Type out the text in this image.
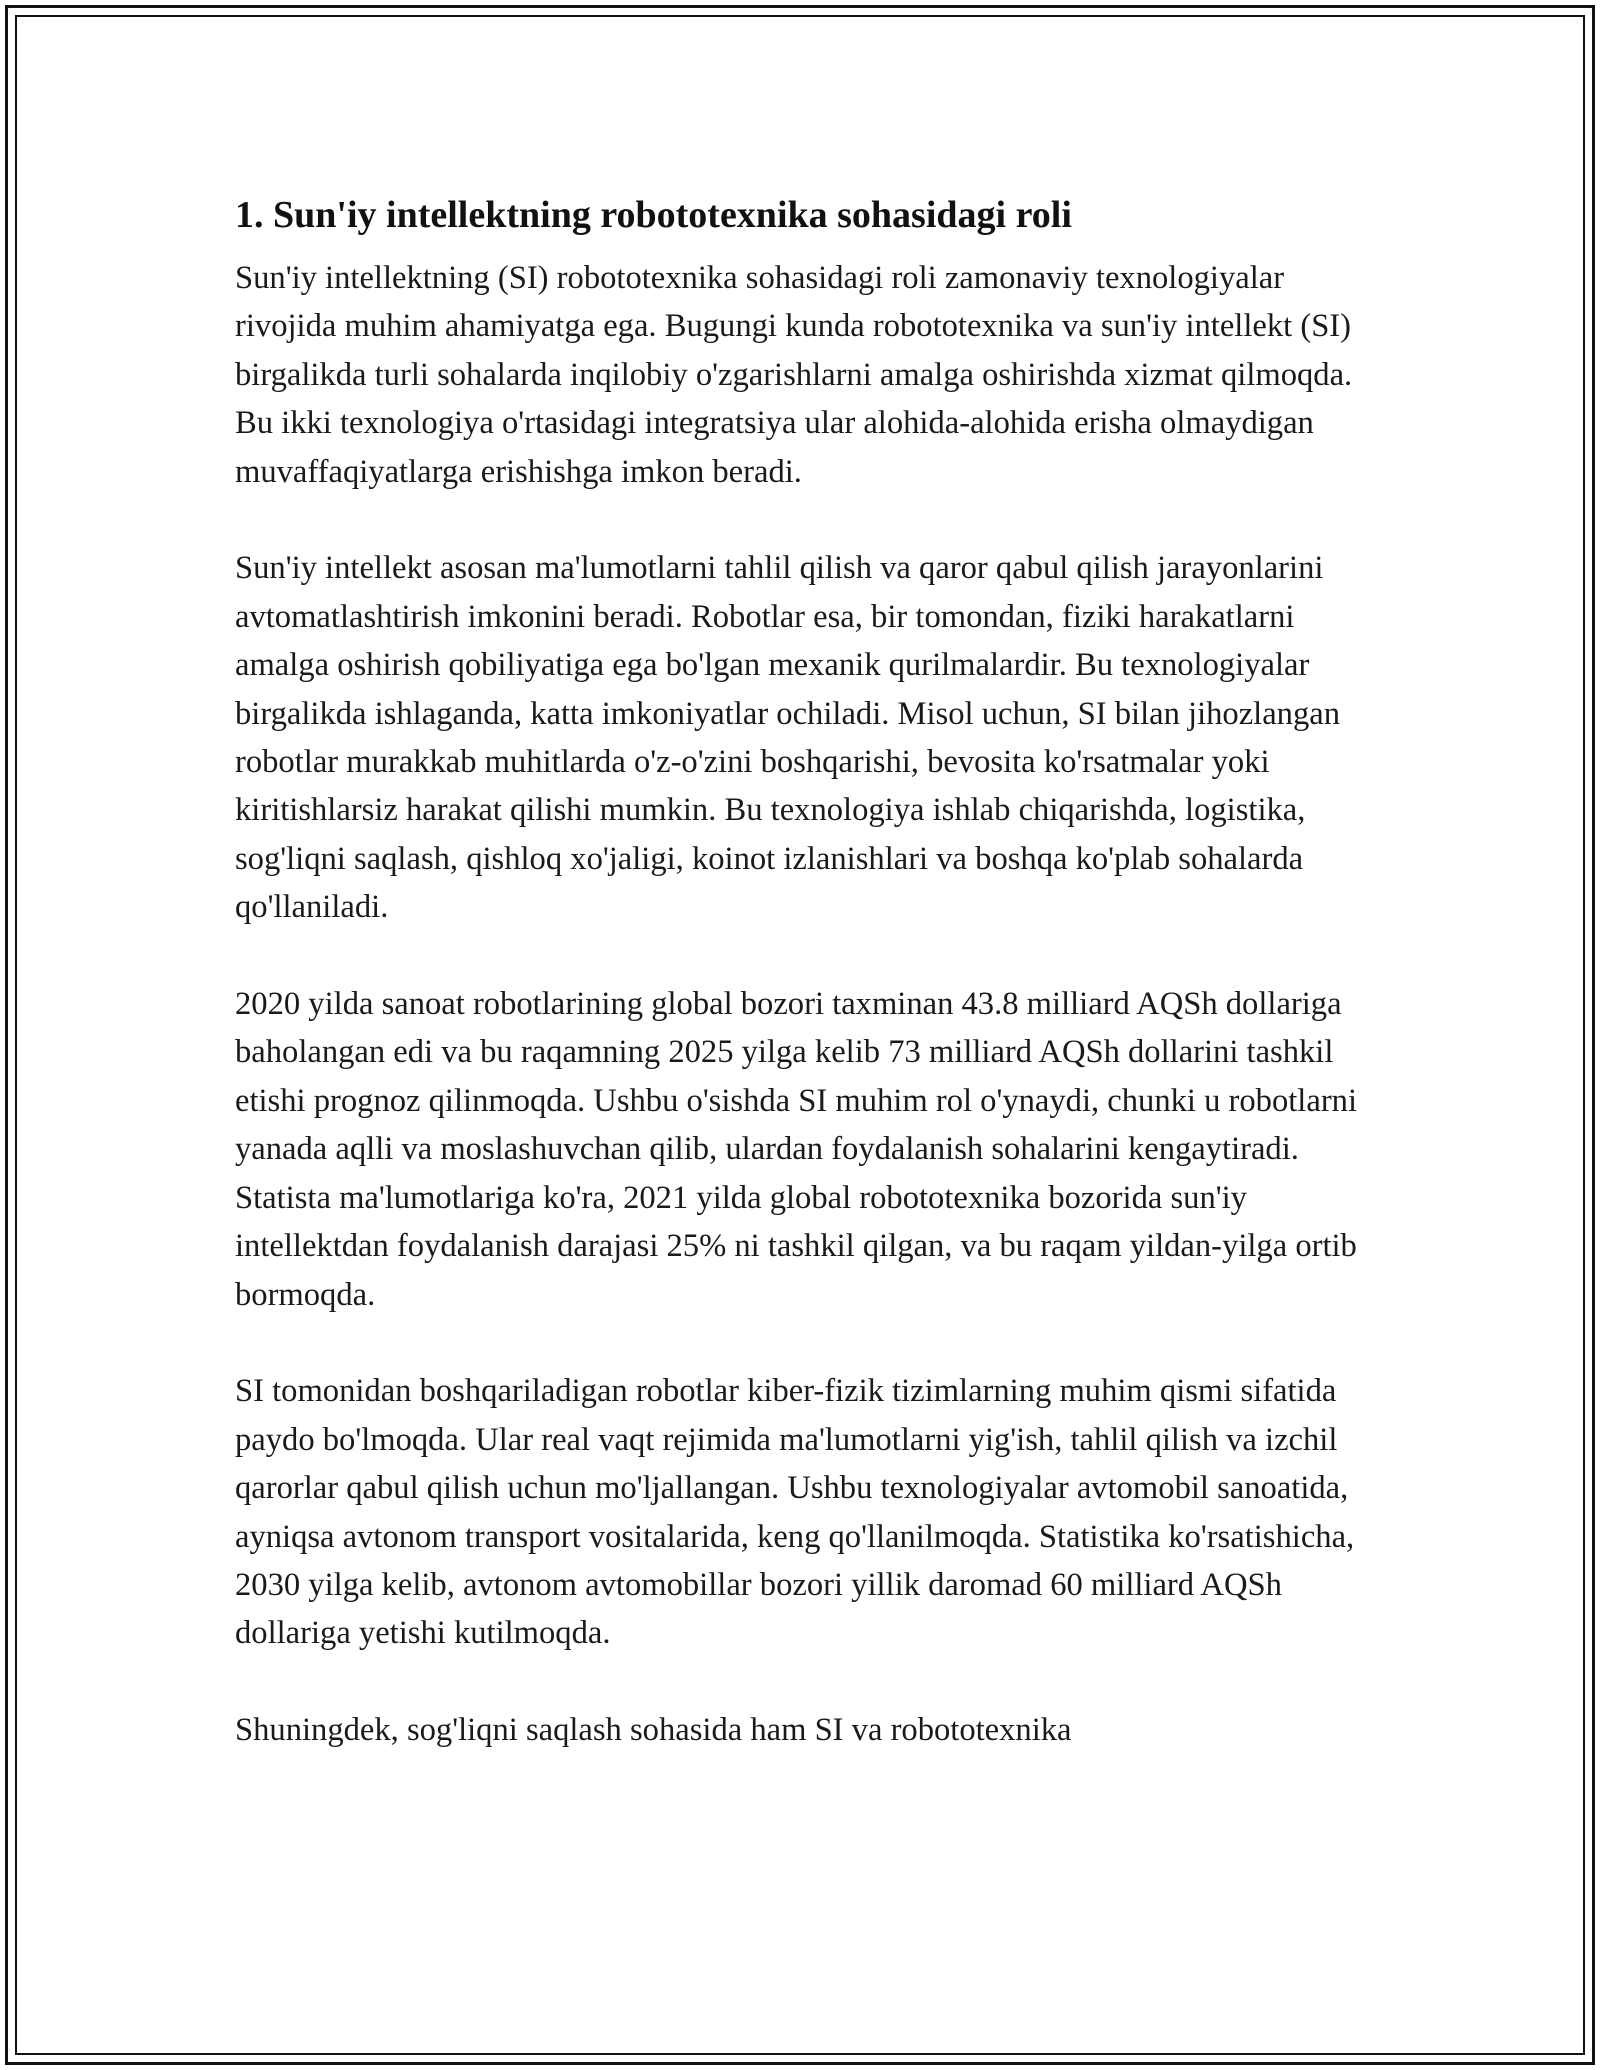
1. Sun'iy intellektning robototexnika sohasidagi roli

Sun'iy intellektning (SI) robototexnika sohasidagi roli zamonaviy texnologiyalar rivojida muhim ahamiyatga ega. Bugungi kunda robototexnika va sun'iy intellekt (SI) birgalikda turli sohalarda inqilobiy o'zgarishlarni amalga oshirishda xizmat qilmoqda. Bu ikki texnologiya o'rtasidagi integratsiya ular alohida-alohida erisha olmaydigan muvaffaqiyatlarga erishishga imkon beradi.

Sun'iy intellekt asosan ma'lumotlarni tahlil qilish va qaror qabul qilish jarayonlarini avtomatlashtirish imkonini beradi. Robotlar esa, bir tomondan, fiziki harakatlarni amalga oshirish qobiliyatiga ega bo'lgan mexanik qurilmalardir. Bu texnologiyalar birgalikda ishlaganda, katta imkoniyatlar ochiladi. Misol uchun, SI bilan jihozlangan robotlar murakkab muhitlarda o'z-o'zini boshqarishi, bevosita ko'rsatmalar yoki kiritishlarsiz harakat qilishi mumkin. Bu texnologiya ishlab chiqarishda, logistika, sog'liqni saqlash, qishloq xo'jaligi, koinot izlanishlari va boshqa ko'plab sohalarda qo'llaniladi.

2020 yilda sanoat robotlarining global bozori taxminan 43.8 milliard AQSh dollariga baholangan edi va bu raqamning 2025 yilga kelib 73 milliard AQSh dollarini tashkil etishi prognoz qilinmoqda. Ushbu o'sishda SI muhim rol o'ynaydi, chunki u robotlarni yanada aqlli va moslashuvchan qilib, ulardan foydalanish sohalarini kengaytiradi. Statista ma'lumotlariga ko'ra, 2021 yilda global robototexnika bozorida sun'iy intellektdan foydalanish darajasi 25% ni tashkil qilgan, va bu raqam yildan-yilga ortib bormoqda.

SI tomonidan boshqariladigan robotlar kiber-fizik tizimlarning muhim qismi sifatida paydo bo'lmoqda. Ular real vaqt rejimida ma'lumotlarni yig'ish, tahlil qilish va izchil qarorlar qabul qilish uchun mo'ljallangan. Ushbu texnologiyalar avtomobil sanoatida, ayniqsa avtonom transport vositalarida, keng qo'llanilmoqda. Statistika ko'rsatishicha, 2030 yilga kelib, avtonom avtomobillar bozori yillik daromad 60 milliard AQSh dollariga yetishi kutilmoqda.

Shuningdek, sog'liqni saqlash sohasida ham SI va robototexnika
